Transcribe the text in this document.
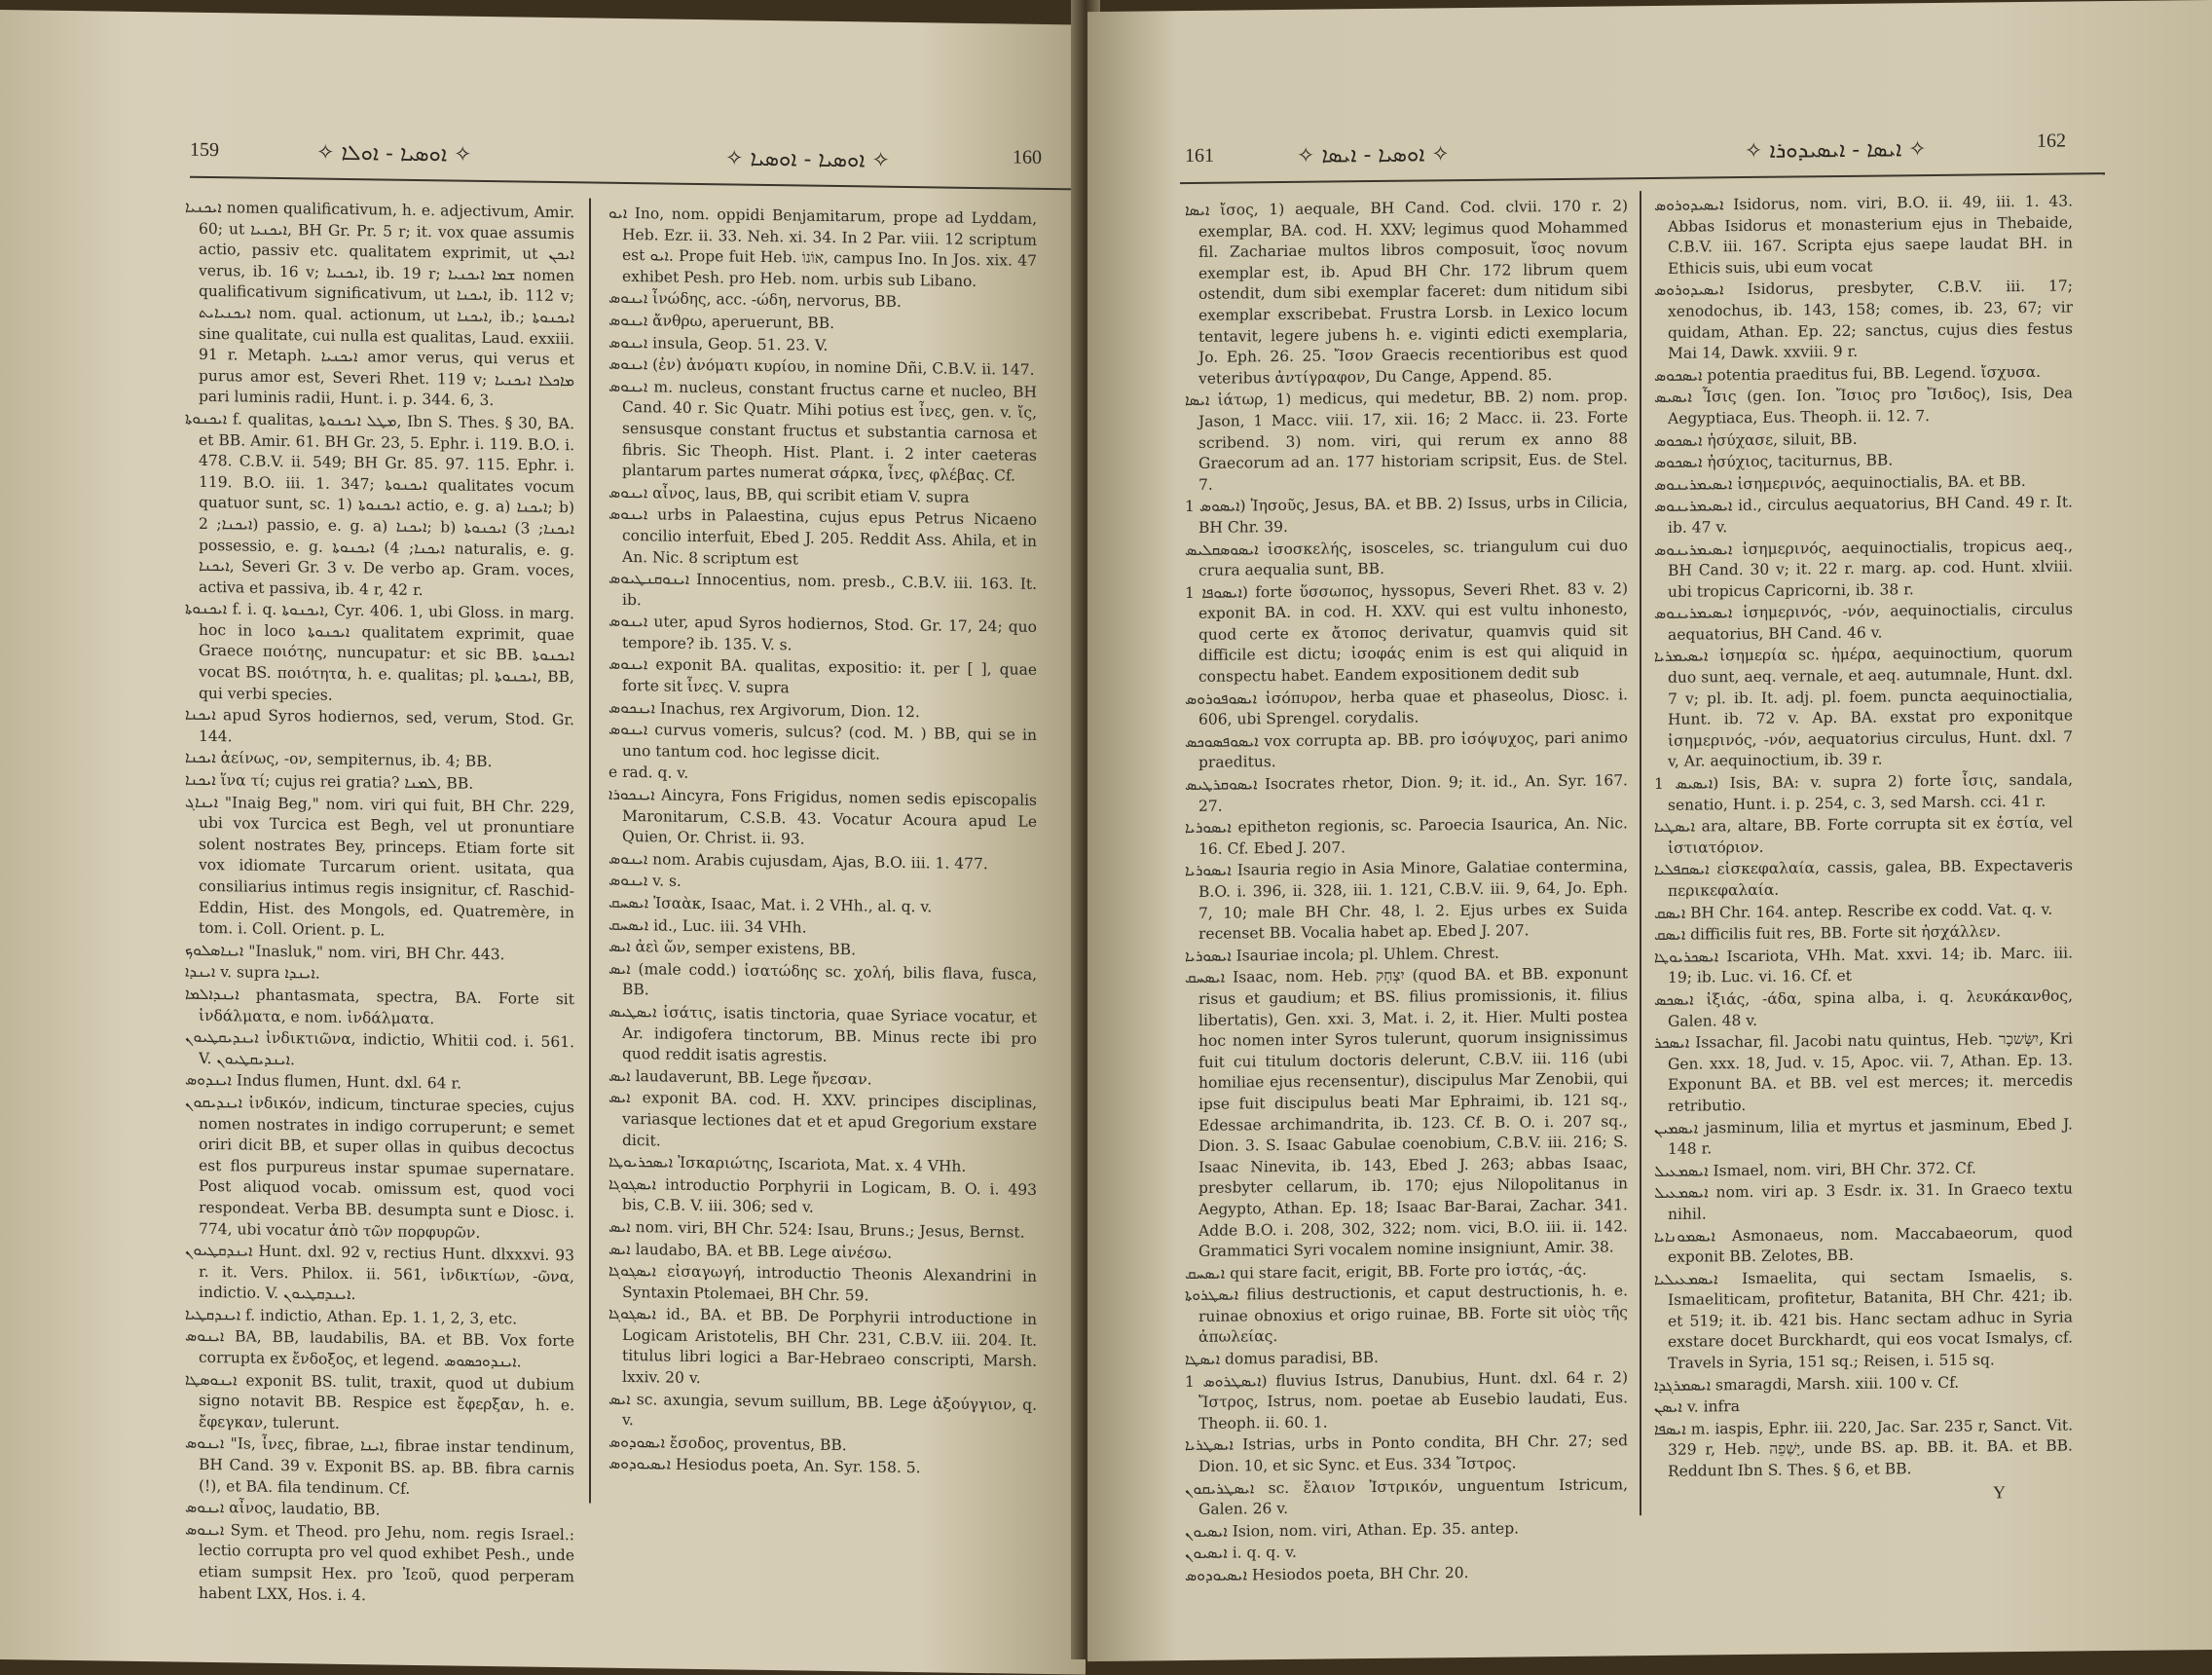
159	✧ ܐܘܣܝܐ - ܐܘܠܐ ✧	✧ ܐܘܣܝܐ - ܐܘܣܝܐ ✧	160

ܐܝܟܢܝܐ nomen qualificativum, h. e. adjectivum, Amir. 60; ut ܐܝܟܢܝܐ, BH Gr. Pr. 5 r; it. vox quae assumis actio, passiv etc. qualitatem exprimit, ut ܐܝܟܢ verus, ib. 16 v; ܐܝܟܢܝܐ, ib. 19 r; ܫܡܐ ܐܝܟܢܝܐ nomen qualificativum significativum, ut ܐܝܟܢܐ, ib. 112 v; ܐܝܟܢܝܐܝܬ nom. qual. actionum, ut ܐܝܟܢܐ, ib.; ܐܝܟܢܘܬܐ sine qualitate, cui nulla est qualitas, Laud. exxiii. 91 r. Metaph. ܐܝܟܢܝܐ amor verus, qui verus et purus amor est, Severi Rhet. 119 v; ܡܐܟܠܐ ܐܝܟܢܝܐ pari luminis radii, Hunt. i. p. 344. 6, 3.

ܐܝܟܢܘܬܐ f. qualitas, ܡܛܠ ܐܝܟܢܘܬܐ, Ibn S. Thes. § 30, BA. et BB. Amir. 61. BH Gr. 23, 5. Ephr. i. 119. B.O. i. 478. C.B.V. ii. 549; BH Gr. 85. 97. 115. Ephr. i. 119. B.O. iii. 1. 347; ܐܝܟܢܘܬܐ qualitates vocum quatuor sunt, sc. 1) ܐܝܟܢܘܬܐ actio, e. g. a) ܐܝܟܢܐ; b) ܐܝܟܢܐ; 2) passio, e. g. a) ܐܝܟܢܐ; b) ܐܝܟܢܐ; 3) ܐܝܟܢܘܬܐ possessio, e. g. ܐܝܟܢܐ; 4) ܐܝܟܢܘܬܐ naturalis, e. g. ܐܝܟܢܐ, Severi Gr. 3 v. De verbo ap. Gram. voces, activa et passiva, ib. 4 r, 42 r.

ܐܝܟܢܘܬܐ f. i. q. ܐܝܟܢܘܬܐ, Cyr. 406. 1, ubi Gloss. in marg. hoc in loco ܐܝܟܢܘܬܐ qualitatem exprimit, quae Graece ποιότης, nuncupatur: et sic BB. ܐܝܟܢܘܬܐ vocat BS. ποιότητα, h. e. qualitas; pl. ܐܝܟܢܘܬܐ, BB, qui verbi species.

ܐܝܟܢܐ apud Syros hodiernos, sed, verum, Stod. Gr. 144.

ܐܝܟܢܐ ἀείνως, -ον, sempiternus, ib. 4; BB.

ܐܝܟܢܐ ἵνα τί; cujus rei gratia? ܠܡܢܐ, BB.

ܐܝܢܐܓ "Inaig Beg," nom. viri qui fuit, BH Chr. 229, ubi vox Turcica est Begh, vel ut pronuntiare solent nostrates Bey, princeps. Etiam forte sit vox idiomate Turcarum orient. usitata, qua consiliarius intimus regis insignitur, cf. Raschid-Eddin, Hist. des Mongols, ed. Quatremère, in tom. i. Coll. Orient. p. L.

ܐܝܢܐܣܠܘܟ "Inasluk," nom. viri, BH Chr. 443.

ܐܝܢܕܐ v. supra ܐܝܢܕܐ.

ܐܝܢܕܐܠܡܐ phantasmata, spectra, BA. Forte sit ἰνδάλματα, e nom. ἰνδάλματα.

ܐܝܢܕܝܩܛܝܘܢ ἰνδικτιῶνα, indictio, Whitii cod. i. 561. V. ܐܝܢܕܝܩܛܝܘܢ.

ܐܝܢܕܘܣ Indus flumen, Hunt. dxl. 64 r.

ܐܝܢܕܝܩܘܢ ἰνδικόν, indicum, tincturae species, cujus nomen nostrates in indigo corruperunt; e semet oriri dicit BB, et super ollas in quibus decoctus est flos purpureus instar spumae supernatare. Post aliquod vocab. omissum est, quod voci respondeat. Verba BB. desumpta sunt e Diosc. i. 774, ubi vocatur ἀπὸ τῶν πορφυρῶν.

ܐܝܢܕܩܛܝܘܢ Hunt. dxl. 92 v, rectius Hunt. dlxxxvi. 93 r. it. Vers. Philox. ii. 561, ἰνδικτίων, -ῶνα, indictio. V. ܐܝܢܕܩܛܝܘܢ.

ܐܝܢܕܩܛܝܐ f. indictio, Athan. Ep. 1. 1, 2, 3, etc.

ܐܝܢܘܣ BA, BB, laudabilis, BA. et BB. Vox forte corrupta ex ἔνδοξος, et legend. ܐܝܢܕܘܟܣܘܣ.

ܐܝܢܘܣܛܐ exponit BS. tulit, traxit, quod ut dubium signo notavit BB. Respice est ἔφερξαν, h. e. ἔφεγκαν, tulerunt.

ܐܝܢܘܣ "Is, ἶνες, fibrae, ܐܝܢܐ, fibrae instar tendinum, BH Cand. 39 v. Exponit BS. ap. BB. fibra carnis (!), et BA. fila tendinum. Cf.

ܐܝܢܘܣ αἶνος, laudatio, BB.

ܐܝܢܘܣ Sym. et Theod. pro Jehu, nom. regis Israel.: lectio corrupta pro vel quod exhibet Pesh., unde etiam sumpsit Hex. pro Ἰεοῦ, quod perperam habent LXX, Hos. i. 4.

ܐܝܘ Ino, nom. oppidi Benjamitarum, prope ad Lyddam, Heb. Ezr. ii. 33. Neh. xi. 34. In 2 Par. viii. 12 scriptum est ܐܝܘ. Prope fuit Heb. אוֹנוֹ, campus Ino. In Jos. xix. 47 exhibet Pesh. pro Heb. nom. urbis sub Libano.

ܐܝܢܘܣ ἶνώδης, acc. -ώδη, nervorus, BB.

ܐܝܢܘܣ ἄνθρω, aperuerunt, BB.

ܐܝܢܘܣ insula, Geop. 51. 23. V.

ܐܝܢܘܣ (ἐν) ἀνόματι κυρίου, in nomine Dñi, C.B.V. ii. 147.

ܐܝܢܘܣ m. nucleus, constant fructus carne et nucleo, BH Cand. 40 r. Sic Quatr. Mihi potius est ἶνες, gen. v. ἴς, sensusque constant fructus et substantia carnosa et fibris. Sic Theoph. Hist. Plant. i. 2 inter caeteras plantarum partes numerat σάρκα, ἶνες, φλέβας. Cf.

ܐܝܢܘܣ αἶνος, laus, BB, qui scribit etiam V. supra

ܐܝܢܘܣ urbs in Palaestina, cujus epus Petrus Nicaeno concilio interfuit, Ebed J. 205. Reddit Ass. Ahila, et in An. Nic. 8 scriptum est

ܐܝܢܘܩܢܛܝܘܣ Innocentius, nom. presb., C.B.V. iii. 163. It. ib.

ܐܝܢܘܣ uter, apud Syros hodiernos, Stod. Gr. 17, 24; quo tempore? ib. 135. V. s.

ܐܝܢܘܣ exponit BA. qualitas, expositio: it. per [ ], quae forte sit ἶνες. V. supra

ܐܝܢܟܘܣ Inachus, rex Argivorum, Dion. 12.

ܐܝܢܘܣ curvus vomeris, sulcus? (cod. M. ) BB, qui se in uno tantum cod. hoc legisse dicit.

e rad. q. v.

ܐܝܢܟܘܪܐ Aincyra, Fons Frigidus, nomen sedis episcopalis Maronitarum, C.S.B. 43. Vocatur Acoura apud Le Quien, Or. Christ. ii. 93.

ܐܝܢܘܣ nom. Arabis cujusdam, Ajas, B.O. iii. 1. 477.

ܐܝܢܘܣ v. s.

ܐܝܣܚܩ Ἰσαὰκ, Isaac, Mat. i. 2 VHh., al. q. v.

ܐܝܣܚܩ id., Luc. iii. 34 VHh.

ܐܝܣ ἀεὶ ὤν, semper existens, BB.

ܐܝܣ (male codd.) ἰσατώδης sc. χολή, bilis flava, fusca, BB.

ܐܝܣܛܝܣ ἰσάτις, isatis tinctoria, quae Syriace vocatur, et Ar. indigofera tinctorum, BB. Minus recte ibi pro quod reddit isatis agrestis.

ܐܝܣ laudaverunt, BB. Lege ἤνεσαν.

ܐܝܣ exponit BA. cod. H. XXV. principes disciplinas, variasque lectiones dat et et apud Gregorium exstare dicit.

ܐܝܣܟܪܝܘܛܐ Ἰσκαριώτης, Iscariota, Mat. x. 4 VHh.

ܐܝܣܓܘܓܐ introductio Porphyrii in Logicam, B. O. i. 493 bis, C.B. V. iii. 306; sed v.

ܐܝܣ nom. viri, BH Chr. 524: Isau, Bruns.; Jesus, Bernst.

ܐܝܣ laudabo, BA. et BB. Lege αἰνέσω.

ܐܝܣܓܘܓܐ εἰσαγωγή, introductio Theonis Alexandrini in Syntaxin Ptolemaei, BH Chr. 59.

ܐܝܣܓܘܓܐ id., BA. et BB. De Porphyrii introductione in Logicam Aristotelis, BH Chr. 231, C.B.V. iii. 204. It. titulus libri logici a Bar-Hebraeo conscripti, Marsh. lxxiv. 20 v.

ܐܝܣ sc. axungia, sevum suillum, BB. Lege ἀξούγγιον, q. v.

ܐܝܣܘܕܘܣ ἔσοδος, proventus, BB.

ܐܝܣܝܘܕܘܣ Hesiodus poeta, An. Syr. 158. 5.

161	✧ ܐܘܣܝܐ - ܐܝܣܐ ✧	✧ ܐܝܣܐ - ܐܝܣܝܕܘܪܐ ✧	162

ܐܝܣܐ ἴσος, 1) aequale, BH Cand. Cod. clvii. 170 r. 2) exemplar, BA. cod. H. XXV; legimus quod Mohammed fil. Zachariae multos libros composuit, ἴσος novum exemplar est, ib. Apud BH Chr. 172 librum quem ostendit, dum sibi exemplar faceret: dum nitidum sibi exemplar exscribebat. Frustra Lorsb. in Lexico locum tentavit, legere jubens h. e. viginti edicti exemplaria, Jo. Eph. 26. 25. Ἴσον Graecis recentioribus est quod veteribus ἀντίγραφον, Du Cange, Append. 85.

ܐܝܣܐ ἰάτωρ, 1) medicus, qui medetur, BB. 2) nom. prop. Jason, 1 Macc. viii. 17, xii. 16; 2 Macc. ii. 23. Forte scribend. 3) nom. viri, qui rerum ex anno 88 Graecorum ad an. 177 historiam scripsit, Eus. de Stel. 7.

ܐܝܣܘܣ 1) Ἰησοῦς, Jesus, BA. et BB. 2) Issus, urbs in Cilicia, BH Chr. 39.

ܐܝܣܘܣܩܠܝܣ ἰσοσκελής, isosceles, sc. triangulum cui duo crura aequalia sunt, BB.

ܐܝܣܘܦܐ 1) forte ὕσσωπος, hyssopus, Severi Rhet. 83 v. 2) exponit BA. in cod. H. XXV. qui est vultu inhonesto, quod certe ex ἄτοπος derivatur, quamvis quid sit difficile est dictu; ἰσοφάς enim is est qui aliquid in conspectu habet. Eandem expositionem dedit sub

ܐܝܣܘܦܘܪܘܣ ἰσόπυρον, herba quae et phaseolus, Diosc. i. 606, ubi Sprengel. corydalis.

ܐܝܣܘܦܣܘܟܣ vox corrupta ap. BB. pro ἰσόψυχος, pari animo praeditus.

ܐܝܣܘܩܪܛܝܣ Isocrates rhetor, Dion. 9; it. id., An. Syr. 167. 27.

ܐܝܣܘܪܝܐ epitheton regionis, sc. Paroecia Isaurica, An. Nic. 16. Cf. Ebed J. 207.

ܐܝܣܘܪܝܐ Isauria regio in Asia Minore, Galatiae contermina, B.O. i. 396, ii. 328, iii. 1. 121, C.B.V. iii. 9, 64, Jo. Eph. 7, 10; male BH Chr. 48, l. 2. Ejus urbes ex Suida recenset BB. Vocalia habet ap. Ebed J. 207.

ܐܝܣܘܪܝܐ Isauriae incola; pl. Uhlem. Chrest.

ܐܝܣܚܩ Isaac, nom. Heb. יִצְחָק (quod BA. et BB. exponunt risus et gaudium; et BS. filius promissionis, it. filius libertatis), Gen. xxi. 3, Mat. i. 2, it. Hier. Multi postea hoc nomen inter Syros tulerunt, quorum insignissimus fuit cui titulum doctoris delerunt, C.B.V. iii. 116 (ubi homiliae ejus recensentur), discipulus Mar Zenobii, qui ipse fuit discipulus beati Mar Ephraimi, ib. 121 sq., Edessae archimandrita, ib. 123. Cf. B. O. i. 207 sq., Dion. 3. S. Isaac Gabulae coenobium, C.B.V. iii. 216; S. Isaac Ninevita, ib. 143, Ebed J. 263; abbas Isaac, presbyter cellarum, ib. 170; ejus Nilopolitanus in Aegypto, Athan. Ep. 18; Isaac Bar-Barai, Zachar. 341. Adde B.O. i. 208, 302, 322; nom. vici, B.O. iii. ii. 142. Grammatici Syri vocalem nomine insigniunt, Amir. 38.

ܐܝܣܚܩ qui stare facit, erigit, BB. Forte pro ἱστάς, -άς.

ܐܝܣܛܪܘܬܐ filius destructionis, et caput destructionis, h. e. ruinae obnoxius et origo ruinae, BB. Forte sit υἱὸς τῆς ἀπωλείας.

ܐܝܣܛܐ domus paradisi, BB.

ܐܝܣܛܪܘܣ 1) fluvius Istrus, Danubius, Hunt. dxl. 64 r. 2) Ἴστρος, Istrus, nom. poetae ab Eusebio laudati, Eus. Theoph. ii. 60. 1.

ܐܝܣܛܪܝܐ Istrias, urbs in Ponto condita, BH Chr. 27; sed Dion. 10, et sic Sync. et Eus. 334 Ἴστρος.

ܐܝܣܛܪܝܩܘܢ sc. ἔλαιον Ἰστρικόν, unguentum Istricum, Galen. 26 v.

ܐܝܣܝܘܢ Ision, nom. viri, Athan. Ep. 35. antep.

ܐܝܣܝܘܢ i. q. q. v.

ܐܝܣܝܘܕܘܣ Hesiodos poeta, BH Chr. 20.

ܐܝܣܝܕܘܪܘܣ Isidorus, nom. viri, B.O. ii. 49, iii. 1. 43. Abbas Isidorus et monasterium ejus in Thebaide, C.B.V. iii. 167. Scripta ejus saepe laudat BH. in Ethicis suis, ubi eum vocat

ܐܝܣܝܕܘܪܘܣ Isidorus, presbyter, C.B.V. iii. 17; xenodochus, ib. 143, 158; comes, ib. 23, 67; vir quidam, Athan. Ep. 22; sanctus, cujus dies festus Mai 14, Dawk. xxviii. 9 r.

ܐܝܣܟܘܣ potentia praeditus fui, BB. Legend. ἴσχυσα.

ܐܝܣܝܣ Ἶσις (gen. Ion. Ἴσιος pro Ἴσιδος), Isis, Dea Aegyptiaca, Eus. Theoph. ii. 12. 7.

ܐܝܣܟܘܣ ἠσύχασε, siluit, BB.

ܐܝܣܟܘܣ ἠσύχιος, taciturnus, BB.

ܐܝܣܝܡܪܝܢܘܣ ἰσημερινός, aequinoctialis, BA. et BB.

ܐܝܣܝܡܪܝܢܘܣ id., circulus aequatorius, BH Cand. 49 r. It. ib. 47 v.

ܐܝܣܝܡܪܝܢܘܣ ἰσημερινός, aequinoctialis, tropicus aeq., BH Cand. 30 v; it. 22 r. marg. ap. cod. Hunt. xlviii. ubi tropicus Capricorni, ib. 38 r.

ܐܝܣܝܡܪܝܢܘܣ ἰσημερινός, -νόν, aequinoctialis, circulus aequatorius, BH Cand. 46 v.

ܐܝܣܝܡܪܝܐ ἰσημερία sc. ἡμέρα, aequinoctium, quorum duo sunt, aeq. vernale, et aeq. autumnale, Hunt. dxl. 7 v; pl. ib. It. adj. pl. foem. puncta aequinoctialia, Hunt. ib. 72 v. Ap. BA. exstat pro exponitque ἰσημερινός, -νόν, aequatorius circulus, Hunt. dxl. 7 v, Ar. aequinoctium, ib. 39 r.

ܐܝܣܝܣ 1) Isis, BA: v. supra 2) forte ἶσις, sandala, senatio, Hunt. i. p. 254, c. 3, sed Marsh. cci. 41 r.

ܐܝܣܛܝܐ ara, altare, BB. Forte corrupta sit ex ἑστία, vel ἱστιατόριον.

ܐܝܣܩܦܠܝܐ εἰσκεφαλαία, cassis, galea, BB. Expectaveris περικεφαλαία.

ܐܝܣܩ BH Chr. 164. antep. Rescribe ex codd. Vat. q. v.

ܐܝܣܩ difficilis fuit res, BB. Forte sit ἠσχάλλεν.

ܐܝܣܟܪܝܘܛܐ Iscariota, VHh. Mat. xxvi. 14; ib. Marc. iii. 19; ib. Luc. vi. 16. Cf. et

ܐܝܣܟܣ ἰξιάς, -άδα, spina alba, i. q. λευκάκανθος, Galen. 48 v.

ܐܝܣܟܪ Issachar, fil. Jacobi natu quintus, Heb. יִשָּׂשכָר, Kri Gen. xxx. 18, Jud. v. 15, Apoc. vii. 7, Athan. Ep. 13. Exponunt BA. et BB. vel est merces; it. mercedis retributio.

ܐܝܣܡܝܢ jasminum, lilia et myrtus et jasminum, Ebed J. 148 r.

ܐܝܣܡܥܝܠ Ismael, nom. viri, BH Chr. 372. Cf.

ܐܝܣܡܥܝܠ nom. viri ap. 3 Esdr. ix. 31. In Graeco textu nihil.

ܐܝܣܡܘܢܐܝܐ Asmonaeus, nom. Maccabaeorum, quod exponit BB. Zelotes, BB.

ܐܝܣܡܥܝܠܝܐ Ismaelita, qui sectam Ismaelis, s. Ismaeliticam, profitetur, Batanita, BH Chr. 421; ib. et 519; it. ib. 421 bis. Hanc sectam adhuc in Syria exstare docet Burckhardt, qui eos vocat Ismalys, cf. Travels in Syria, 151 sq.; Reisen, i. 515 sq.

ܐܝܣܡܪܓܕܐ smaragdi, Marsh. xiii. 100 v. Cf.

ܐܝܣܢ v. infra

ܐܝܣܦܐ m. iaspis, Ephr. iii. 220, Jac. Sar. 235 r, Sanct. Vit. 329 r, Heb. יָשְׁפֵה, unde BS. ap. BB. it. BA. et BB. Reddunt Ibn S. Thes. § 6, et BB.

Y
